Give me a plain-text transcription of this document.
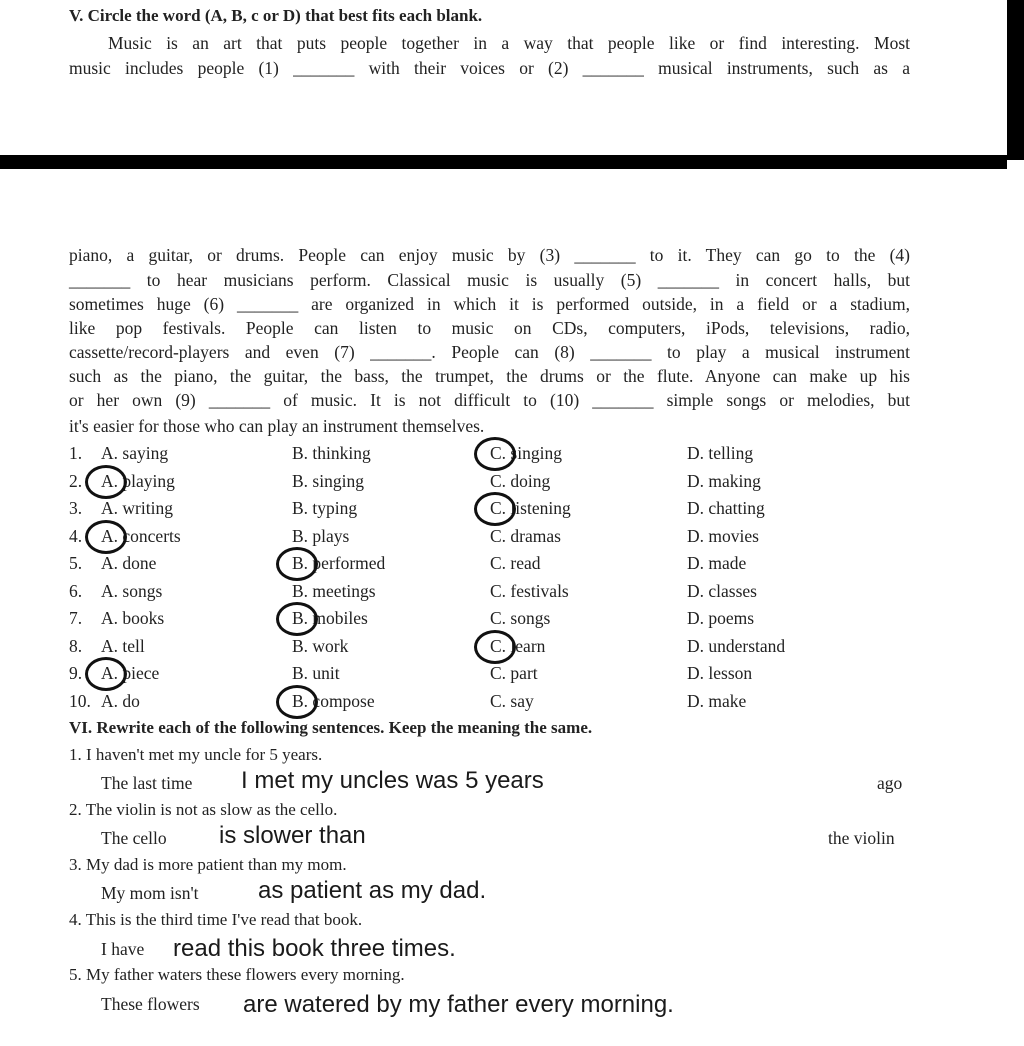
V. Circle the word (A, B, c or D) that best fits each blank.
Music is an art that puts people together in a way that people like or find interesting. Most
music includes people (1) _______ with their voices or (2) _______ musical instruments, such as a
piano, a guitar, or drums. People can enjoy music by (3) _______ to it. They can go to the (4)
_______ to hear musicians perform. Classical music is usually (5) _______ in concert halls, but
sometimes huge (6) _______ are organized in which it is performed outside, in a field or a stadium,
like pop festivals. People can listen to music on CDs, computers, iPods, televisions, radio,
cassette/record-players and even (7) _______. People can (8) _______ to play a musical instrument
such as the piano, the guitar, the bass, the trumpet, the drums or the flute. Anyone can make up his
or her own (9) _______ of music. It is not difficult to (10) _______ simple songs or melodies, but
it's easier for those who can play an instrument themselves.
1. A. saying	B. thinking	C. singing	D. telling
2. A. playing	B. singing	C. doing	D. making
3. A. writing	B. typing	C. listening	D. chatting
4. A. concerts	B. plays	C. dramas	D. movies
5. A. done	B. performed	C. read	D. made
6. A. songs	B. meetings	C. festivals	D. classes
7. A. books	B. mobiles	C. songs	D. poems
8. A. tell	B. work	C. learn	D. understand
9. A. piece	B. unit	C. part	D. lesson
10. A. do	B. compose	C. say	D. make
VI. Rewrite each of the following sentences. Keep the meaning the same.
1. I haven't met my uncle for 5 years.
The last time I met my uncles was 5 years	ago
2. The violin is not as slow as the cello.
The cello is slower than	the violin
3. My dad is more patient than my mom.
My mom isn't as patient as my dad.
4. This is the third time I've read that book.
I have read this book three times.
5. My father waters these flowers every morning.
These flowers are watered by my father every morning.
